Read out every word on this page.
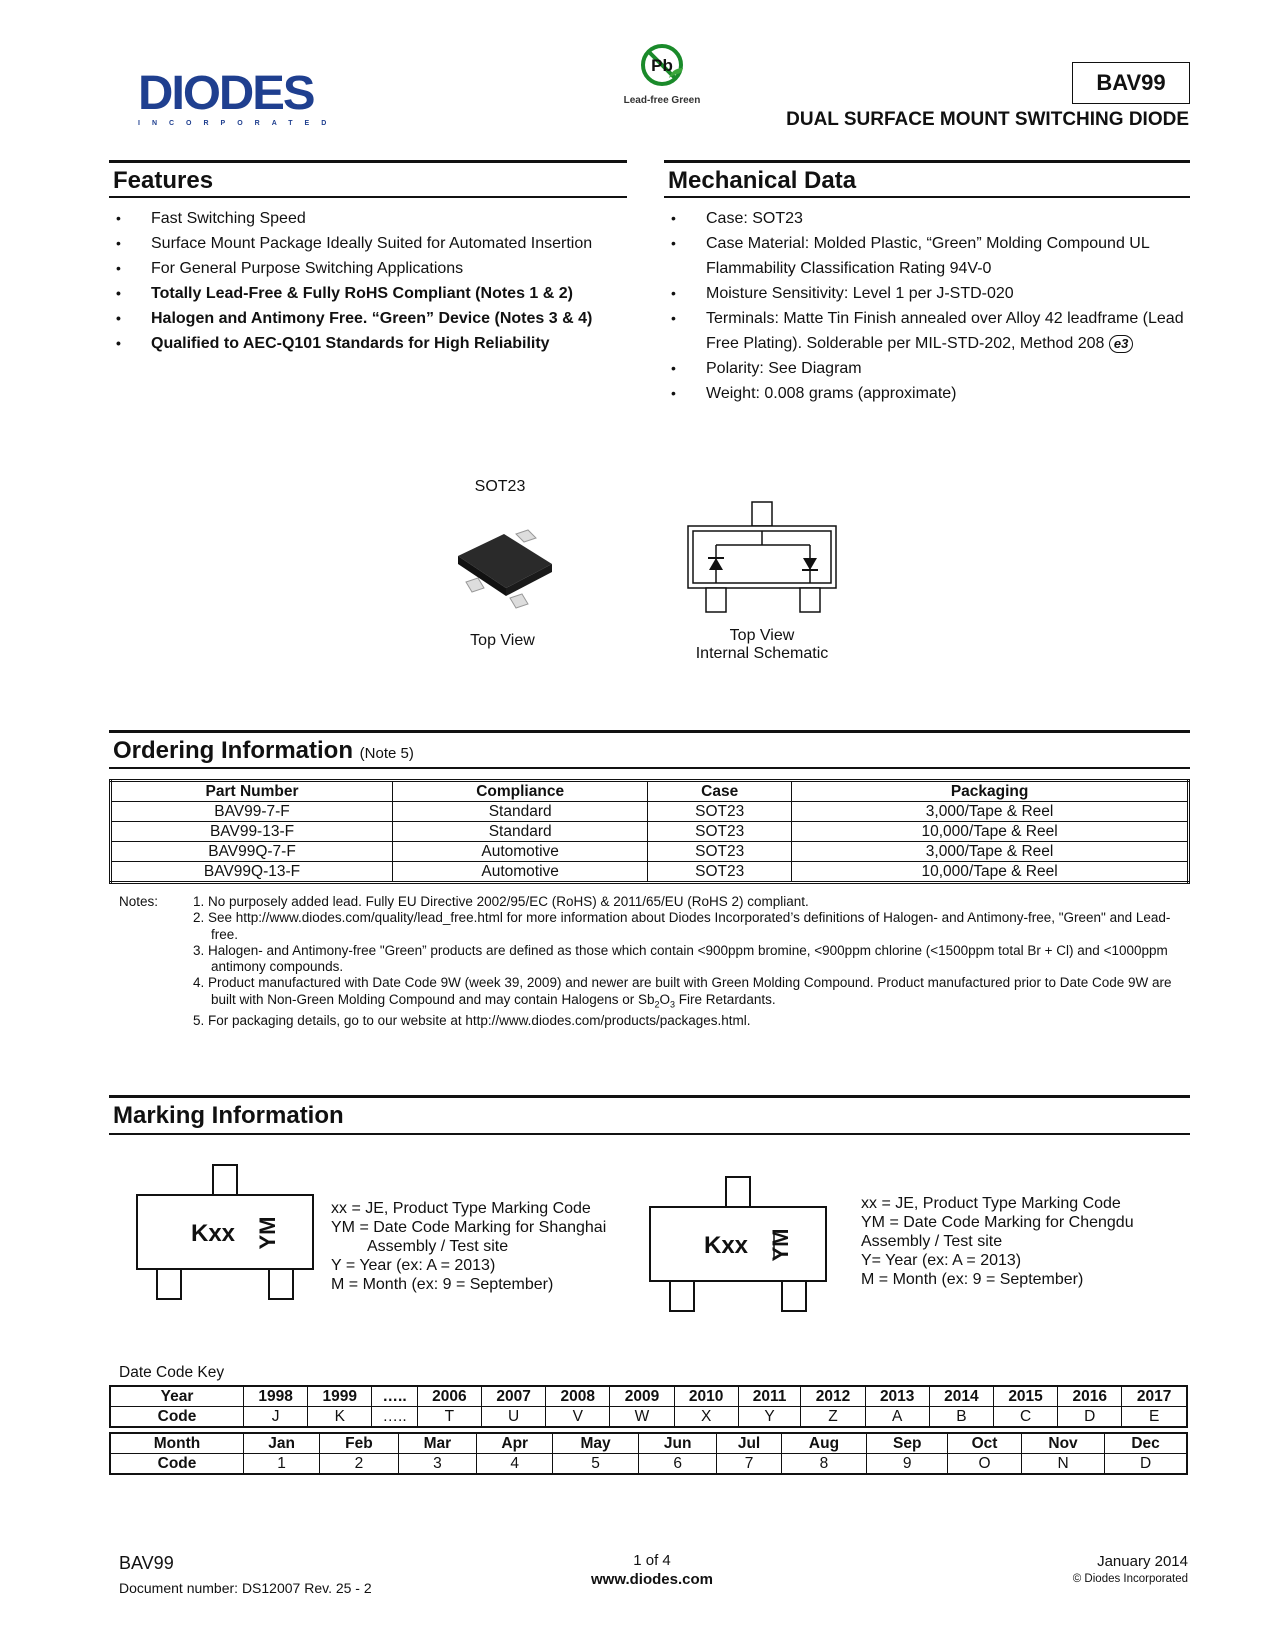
DIODES
INCORPORATED
Pb
Lead-free Green
BAV99
DUAL SURFACE MOUNT SWITCHING DIODE
Features
• Fast Switching Speed
• Surface Mount Package Ideally Suited for Automated Insertion
• For General Purpose Switching Applications
• Totally Lead-Free & Fully RoHS Compliant (Notes 1 & 2)
• Halogen and Antimony Free. “Green” Device (Notes 3 & 4)
• Qualified to AEC-Q101 Standards for High Reliability
Mechanical Data
• Case: SOT23
• Case Material: Molded Plastic, “Green” Molding Compound UL Flammability Classification Rating 94V-0
• Moisture Sensitivity: Level 1 per J-STD-020
• Terminals: Matte Tin Finish annealed over Alloy 42 leadframe (Lead Free Plating). Solderable per MIL-STD-202, Method 208 e3
• Polarity: See Diagram
• Weight: 0.008 grams (approximate)
SOT23
Top View	Top View
Internal Schematic
Ordering Information (Note 5)
Part Number	Compliance	Case	Packaging
BAV99-7-F	Standard	SOT23	3,000/Tape & Reel
BAV99-13-F	Standard	SOT23	10,000/Tape & Reel
BAV99Q-7-F	Automotive	SOT23	3,000/Tape & Reel
BAV99Q-13-F	Automotive	SOT23	10,000/Tape & Reel
Notes:	1. No purposely added lead. Fully EU Directive 2002/95/EC (RoHS) & 2011/65/EU (RoHS 2) compliant.
2. See http://www.diodes.com/quality/lead_free.html for more information about Diodes Incorporated’s definitions of Halogen- and Antimony-free, "Green" and Lead-free.
3. Halogen- and Antimony-free "Green” products are defined as those which contain <900ppm bromine, <900ppm chlorine (<1500ppm total Br + Cl) and <1000ppm antimony compounds.
4. Product manufactured with Date Code 9W (week 39, 2009) and newer are built with Green Molding Compound. Product manufactured prior to Date Code 9W are built with Non-Green Molding Compound and may contain Halogens or $Sb_2O_3$ Fire Retardants.
5. For packaging details, go to our website at http://www.diodes.com/products/packages.html.
Marking Information
Kxx YM
xx = JE, Product Type Marking Code
YM = Date Code Marking for Shanghai
Assembly / Test site
Y = Year (ex: A = 2013)
M = Month (ex: 9 = September)
Kxx YM
xx = JE, Product Type Marking Code
YM = Date Code Marking for Chengdu
Assembly / Test site
Y= Year (ex: A = 2013)
M = Month (ex: 9 = September)
Date Code Key
Year	1998	1999	…..	2006	2007	2008	2009	2010	2011	2012	2013	2014	2015	2016	2017
Code	J	K	…..	T	U	V	W	X	Y	Z	A	B	C	D	E
Month	Jan	Feb	Mar	Apr	May	Jun	Jul	Aug	Sep	Oct	Nov	Dec
Code	1	2	3	4	5	6	7	8	9	O	N	D
BAV99
Document number: DS12007 Rev. 25 - 2
1 of 4
www.diodes.com
January 2014
© Diodes Incorporated
